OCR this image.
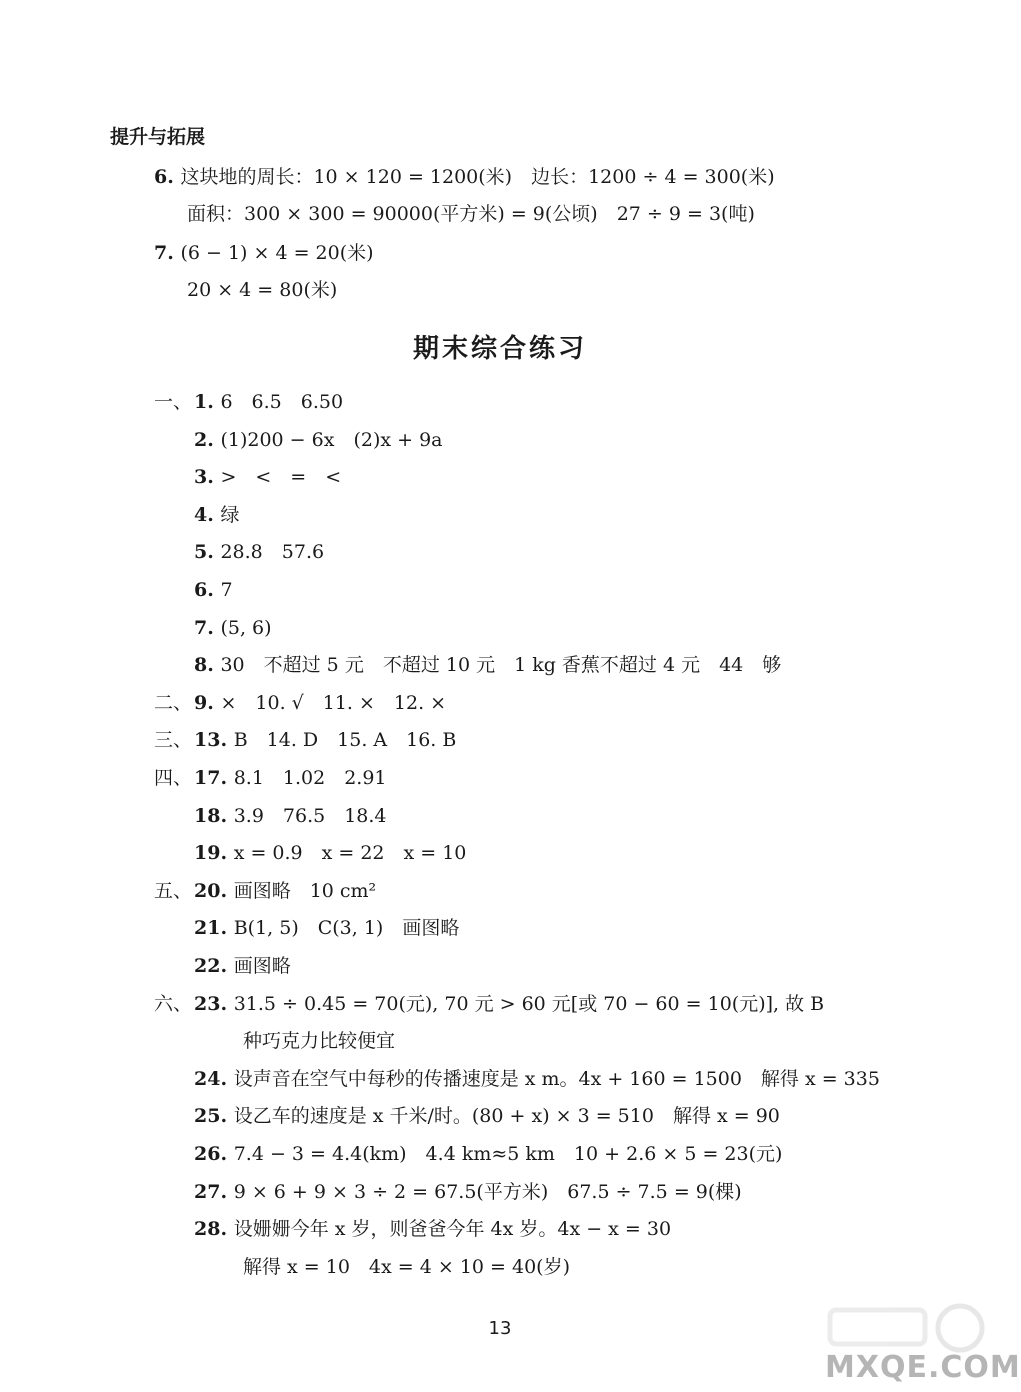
提升与拓展
6. 这块地的周长：10 × 120 = 1200(米)　边长：1200 ÷ 4 = 300(米)
面积：300 × 300 = 90000(平方米) = 9(公顷)　27 ÷ 9 = 3(吨)
7. (6 − 1) × 4 = 20(米)
20 × 4 = 80(米)
期末综合练习
一、 1. 6　6.5　6.50
2. (1)200 − 6x　(2)x + 9a
3. >　<　=　<
4. 绿
5. 28.8　57.6
6. 7
7. (5, 6)
8. 30　不超过 5 元　不超过 10 元　1 kg 香蕉不超过 4 元　44　够
二、 9. ×　10. √　11. ×　12. ×
三、 13. B　14. D　15. A　16. B
四、 17. 8.1　1.02　2.91
18. 3.9　76.5　18.4
19. x = 0.9　x = 22　x = 10
五、 20. 画图略　10 cm²
21. B(1, 5)　C(3, 1)　画图略
22. 画图略
六、 23. 31.5 ÷ 0.45 = 70(元), 70 元 > 60 元[或 70 − 60 = 10(元)], 故 B
种巧克力比较便宜
24. 设声音在空气中每秒的传播速度是 x m。4x + 160 = 1500　解得 x = 335
25. 设乙车的速度是 x 千米/时。(80 + x) × 3 = 510　解得 x = 90
26. 7.4 − 3 = 4.4(km)　4.4 km≈5 km　10 + 2.6 × 5 = 23(元)
27. 9 × 6 + 9 × 3 ÷ 2 = 67.5(平方米)　67.5 ÷ 7.5 = 9(棵)
28. 设姗姗今年 x 岁，则爸爸今年 4x 岁。4x − x = 30
解得 x = 10　4x = 4 × 10 = 40(岁)
13
MXQE.COM
